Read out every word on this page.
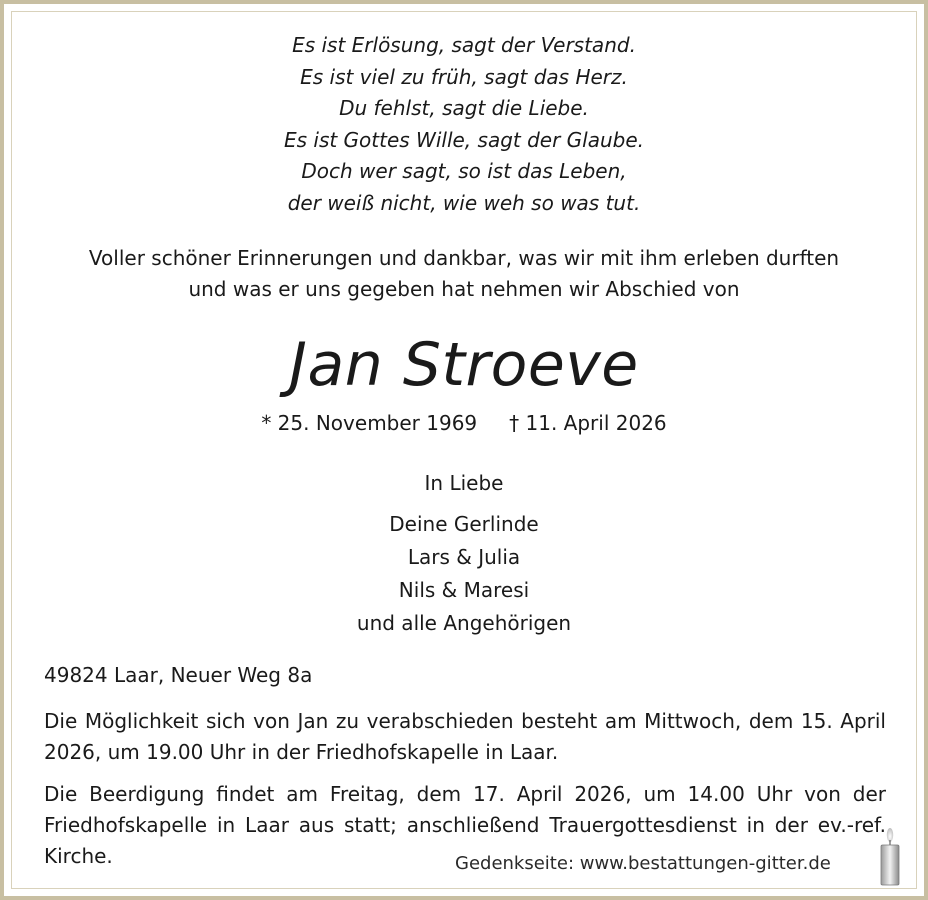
Es ist Erlösung, sagt der Verstand.
Es ist viel zu früh, sagt das Herz.
Du fehlst, sagt die Liebe.
Es ist Gottes Wille, sagt der Glaube.
Doch wer sagt, so ist das Leben,
der weiß nicht, wie weh so was tut.
Voller schöner Erinnerungen und dankbar, was wir mit ihm erleben durften
und was er uns gegeben hat nehmen wir Abschied von
Jan Stroeve
* 25. November 1969 † 11. April 2026
In Liebe
Deine Gerlinde
Lars & Julia
Nils & Maresi
und alle Angehörigen
49824 Laar, Neuer Weg 8a
Die Möglichkeit sich von Jan zu verabschieden besteht am Mittwoch, dem 15. April 2026, um 19.00 Uhr in der Friedhofskapelle in Laar.
Die Beerdigung findet am Freitag, dem 17. April 2026, um 14.00 Uhr von der Friedhofskapelle in Laar aus statt; anschließend Trauergottesdienst in der ev.-ref. Kirche.	Gedenkseite: www.bestattungen-gitter.de
